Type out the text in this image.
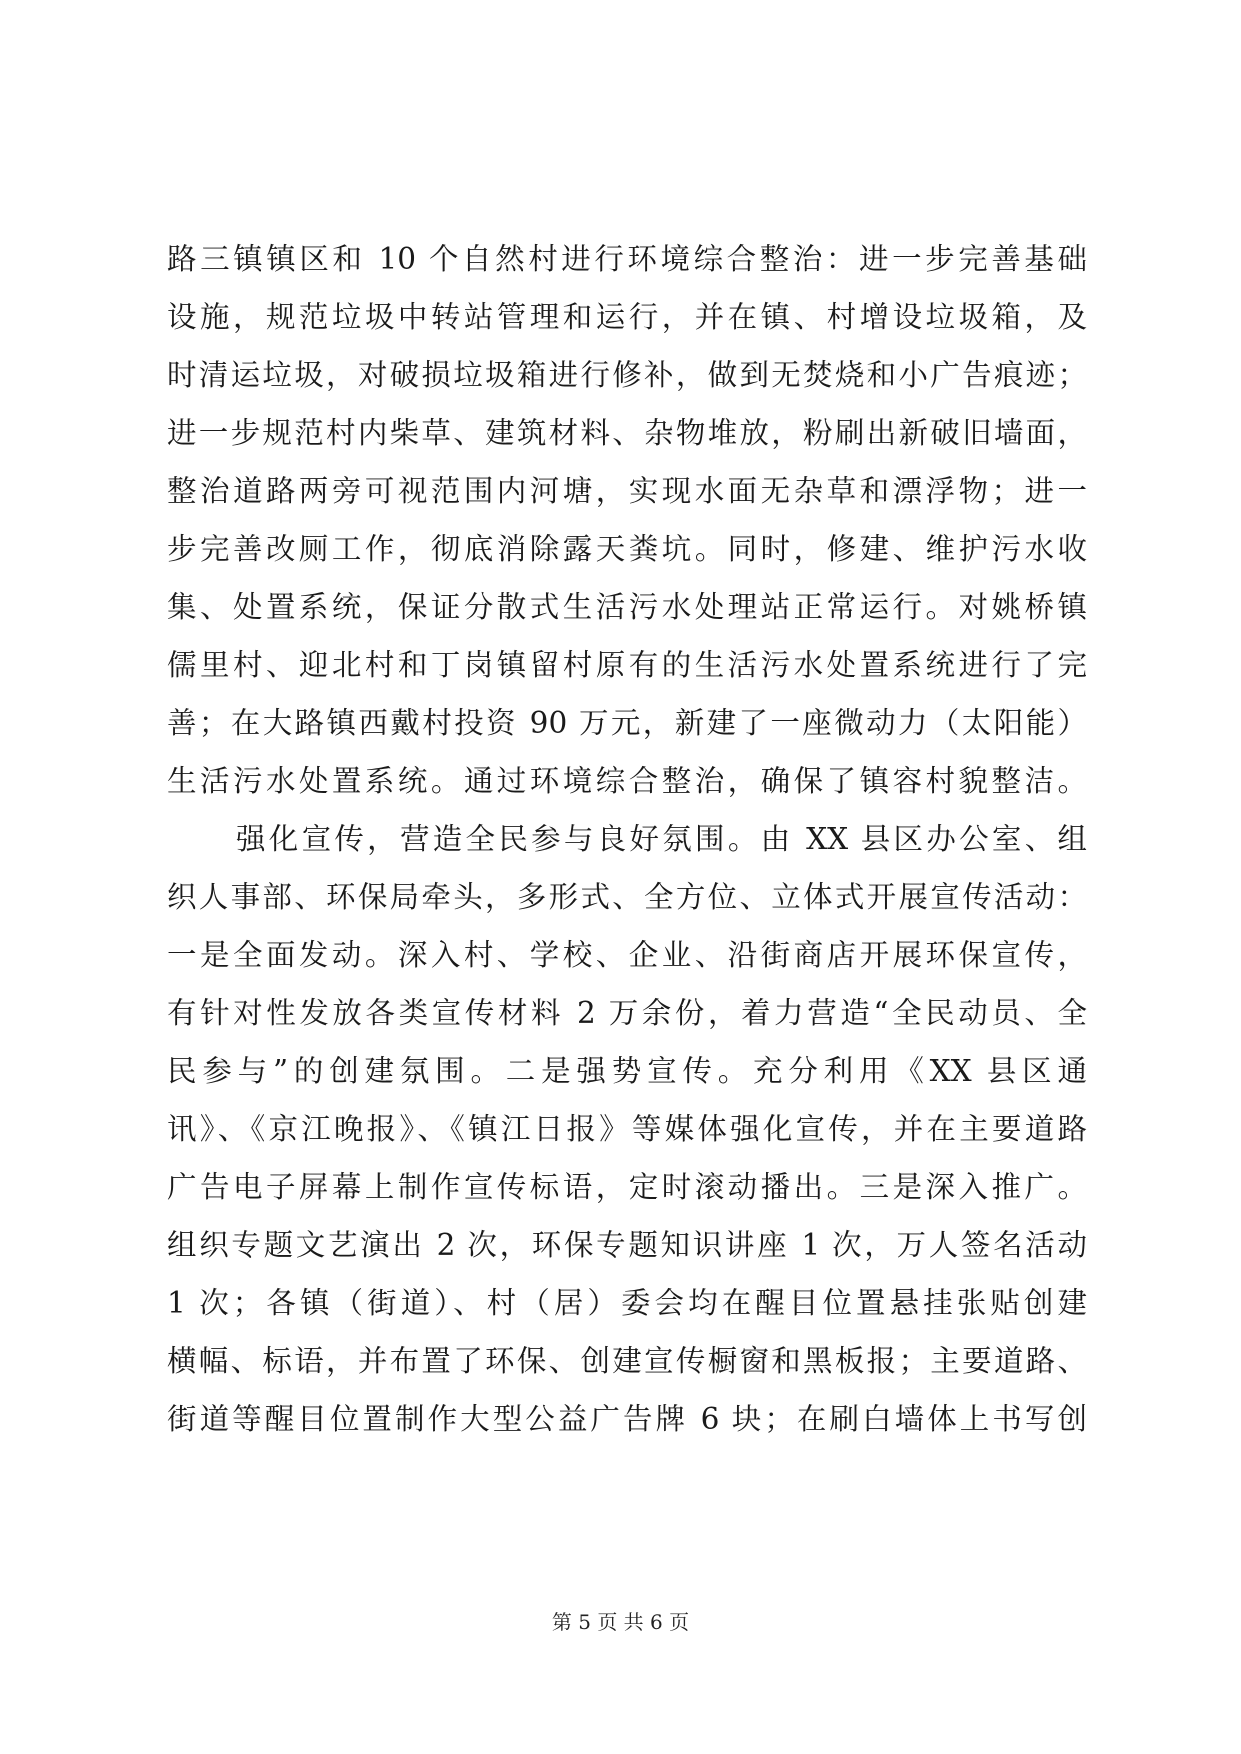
路三镇镇区和 10 个自然村进行环境综合整治：进一步完善基础
设施，规范垃圾中转站管理和运行，并在镇、村增设垃圾箱，及
时清运垃圾，对破损垃圾箱进行修补，做到无焚烧和小广告痕迹；
进一步规范村内柴草、建筑材料、杂物堆放，粉刷出新破旧墙面，
整治道路两旁可视范围内河塘，实现水面无杂草和漂浮物；进一
步完善改厕工作，彻底消除露天粪坑。同时，修建、维护污水收
集、处置系统，保证分散式生活污水处理站正常运行。对姚桥镇
儒里村、迎北村和丁岗镇留村原有的生活污水处置系统进行了完
善；在大路镇西戴村投资 90 万元，新建了一座微动力（太阳能）
生活污水处置系统。通过环境综合整治，确保了镇容村貌整洁。
强化宣传，营造全民参与良好氛围。由 XX 县区办公室、组
织人事部、环保局牵头，多形式、全方位、立体式开展宣传活动：
一是全面发动。深入村、学校、企业、沿街商店开展环保宣传，
有针对性发放各类宣传材料 2 万余份，着力营造“全民动员、全
民参与”的创建氛围。二是强势宣传。充分利用《XX 县区通
讯》、《京江晚报》、《镇江日报》等媒体强化宣传，并在主要道路
广告电子屏幕上制作宣传标语，定时滚动播出。三是深入推广。
组织专题文艺演出 2 次，环保专题知识讲座 1 次，万人签名活动
1 次；各镇（街道）、村（居）委会均在醒目位置悬挂张贴创建
横幅、标语，并布置了环保、创建宣传橱窗和黑板报；主要道路、
街道等醒目位置制作大型公益广告牌 6 块；在刷白墙体上书写创
第 5 页 共 6 页
